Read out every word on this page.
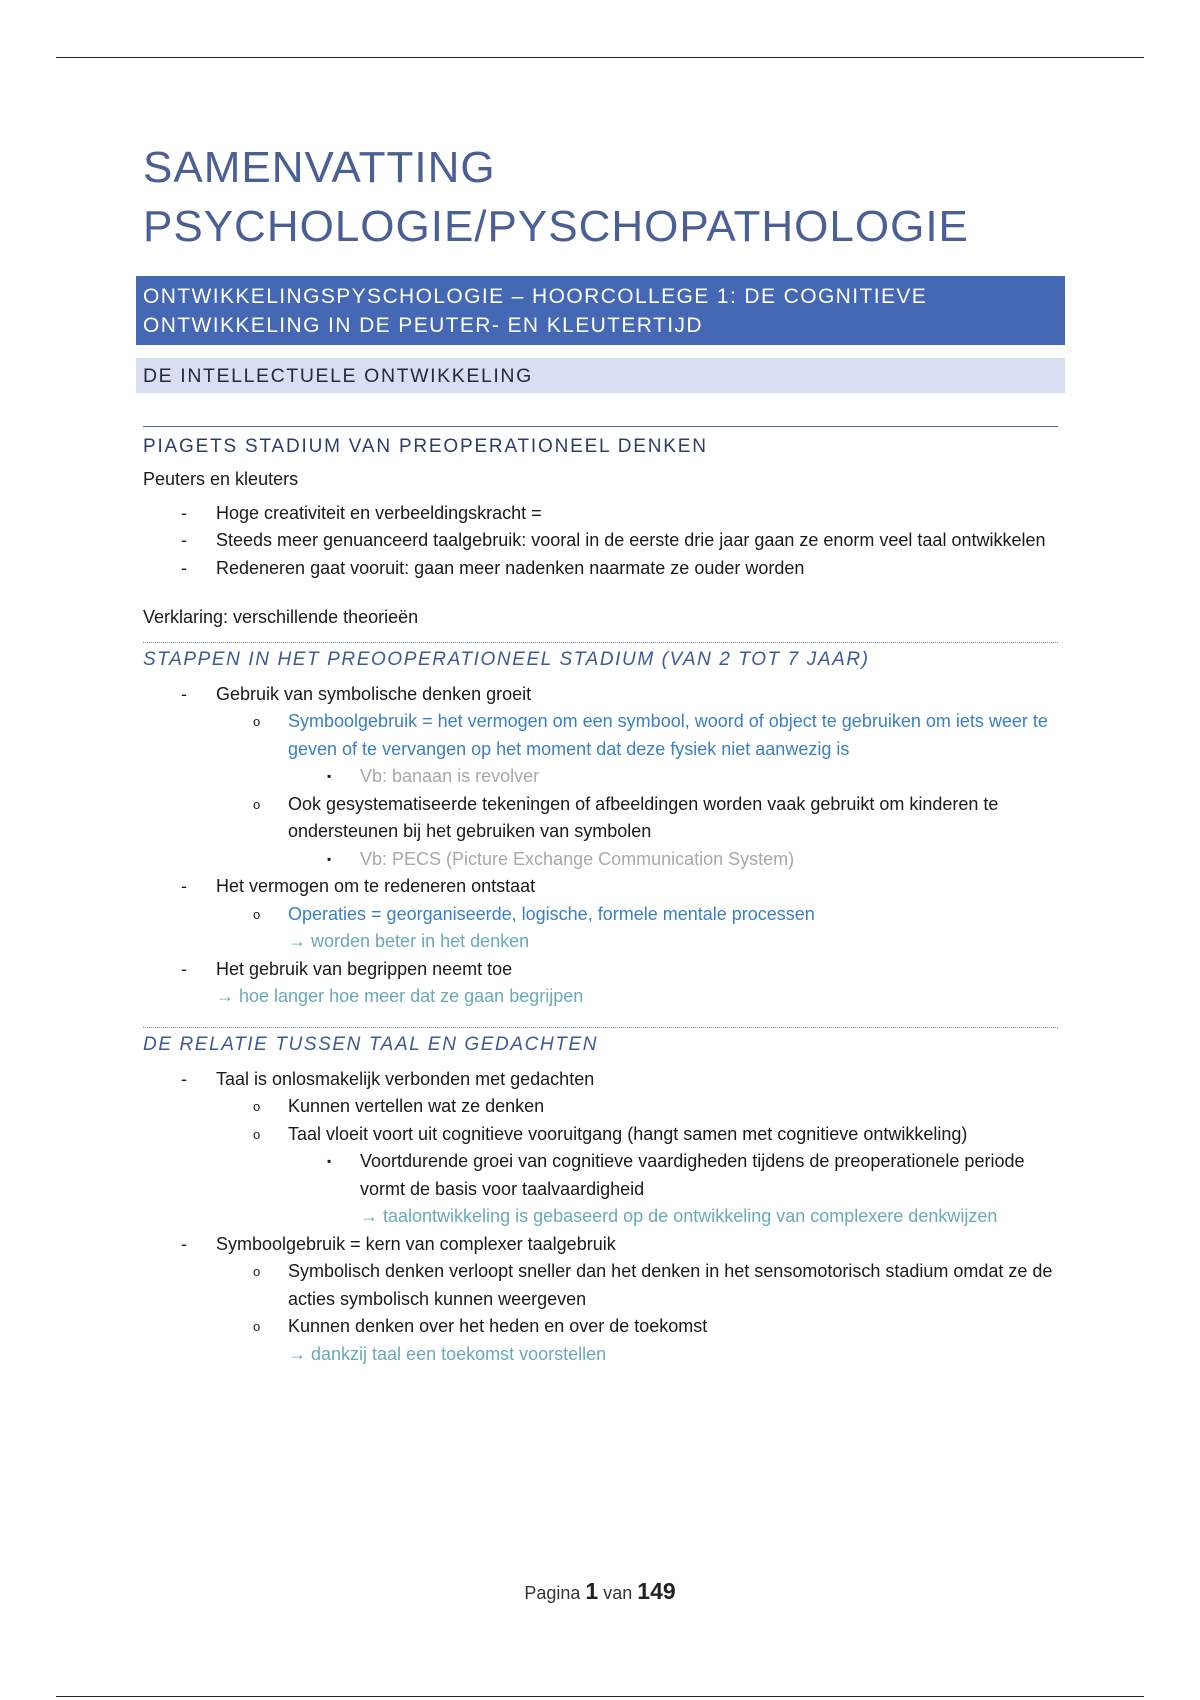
SAMENVATTING
PSYCHOLOGIE/PYSCHOPATHOLOGIE
ONTWIKKELINGSPYSCHOLOGIE – HOORCOLLEGE 1: DE COGNITIEVE ONTWIKKELING IN DE PEUTER- EN KLEUTERTIJD
DE INTELLECTUELE ONTWIKKELING
PIAGETS STADIUM VAN PREOPERATIONEEL DENKEN

Peuters en kleuters

- Hoge creativiteit en verbeeldingskracht =
- Steeds meer genuanceerd taalgebruik: vooral in de eerste drie jaar gaan ze enorm veel taal ontwikkelen
- Redeneren gaat vooruit: gaan meer nadenken naarmate ze ouder worden

Verklaring: verschillende theorieën

STAPPEN IN HET PREOOPERATIONEEL STADIUM (VAN 2 TOT 7 JAAR)
- Gebruik van symbolische denken groeit
o Symboolgebruik = het vermogen om een symbool, woord of object te gebruiken om iets weer te geven of te vervangen op het moment dat deze fysiek niet aanwezig is
▪ Vb: banaan is revolver
o Ook gesystematiseerde tekeningen of afbeeldingen worden vaak gebruikt om kinderen te ondersteunen bij het gebruiken van symbolen
▪ Vb: PECS (Picture Exchange Communication System)
- Het vermogen om te redeneren ontstaat
o Operaties = georganiseerde, logische, formele mentale processen
→ worden beter in het denken
- Het gebruik van begrippen neemt toe
→ hoe langer hoe meer dat ze gaan begrijpen
DE RELATIE TUSSEN TAAL EN GEDACHTEN
- Taal is onlosmakelijk verbonden met gedachten
o Kunnen vertellen wat ze denken
o Taal vloeit voort uit cognitieve vooruitgang (hangt samen met cognitieve ontwikkeling)
▪ Voortdurende groei van cognitieve vaardigheden tijdens de preoperationele periode vormt de basis voor taalvaardigheid
→ taalontwikkeling is gebaseerd op de ontwikkeling van complexere denkwijzen
- Symboolgebruik = kern van complexer taalgebruik
o Symbolisch denken verloopt sneller dan het denken in het sensomotorisch stadium omdat ze de acties symbolisch kunnen weergeven
o Kunnen denken over het heden en over de toekomst
→ dankzij taal een toekomst voorstellen
Pagina 1 van 149
